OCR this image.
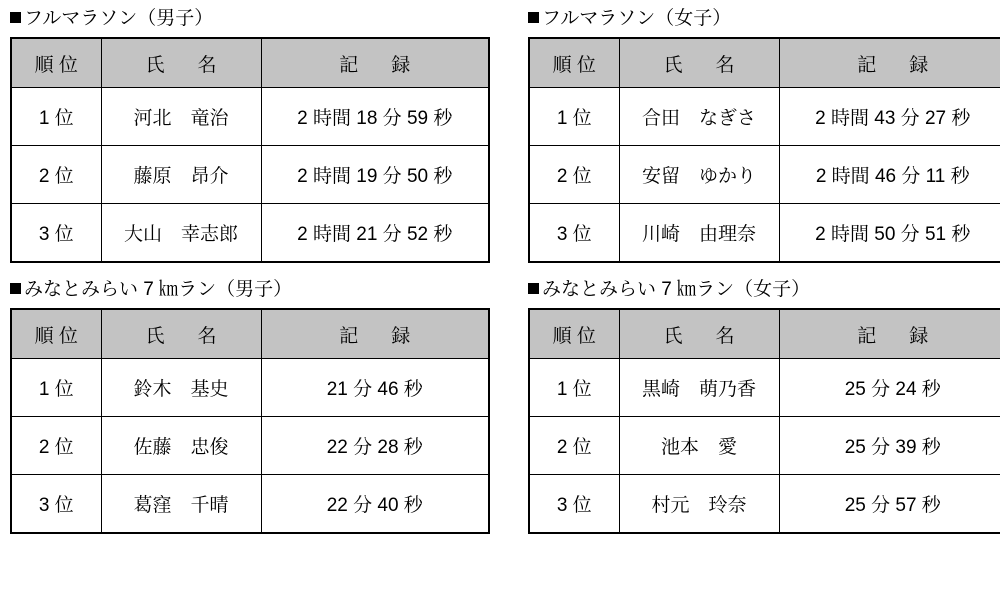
フルマラソン（男子）
順 位	氏　名	記　録
1 位	河北　竜治	2 時間 18 分 59 秒
2 位	藤原　昂介	2 時間 19 分 50 秒
3 位	大山　幸志郎	2 時間 21 分 52 秒
フルマラソン（女子）
順 位	氏　名	記　録
1 位	合田　なぎさ	2 時間 43 分 27 秒
2 位	安留　ゆかり	2 時間 46 分 11 秒
3 位	川崎　由理奈	2 時間 50 分 51 秒
みなとみらい 7 ㎞ラン（男子）
順 位	氏　名	記　録
1 位	鈴木　基史	21 分 46 秒
2 位	佐藤　忠俊	22 分 28 秒
3 位	葛窪　千晴	22 分 40 秒
みなとみらい 7 ㎞ラン（女子）
順 位	氏　名	記　録
1 位	黒崎　萌乃香	25 分 24 秒
2 位	池本　愛	25 分 39 秒
3 位	村元　玲奈	25 分 57 秒
